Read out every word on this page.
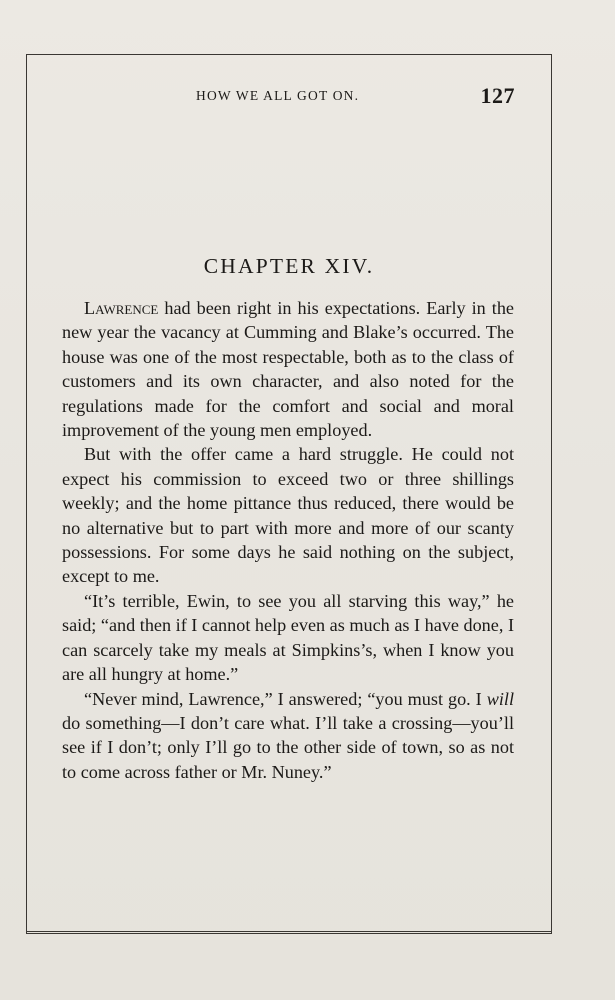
HOW WE ALL GOT ON.	127
CHAPTER XIV.

Lawrence had been right in his expectations. Early in the new year the vacancy at Cumming and Blake’s occurred. The house was one of the most respectable, both as to the class of customers and its own character, and also noted for the regulations made for the comfort and social and moral improvement of the young men employed.

But with the offer came a hard struggle. He could not expect his commission to exceed two or three shillings weekly; and the home pittance thus reduced, there would be no alternative but to part with more and more of our scanty possessions. For some days he said nothing on the subject, except to me.

“It’s terrible, Ewin, to see you all starving this way,” he said; “and then if I cannot help even as much as I have done, I can scarcely take my meals at Simpkins’s, when I know you are all hungry at home.”

“Never mind, Lawrence,” I answered; “you must go. I will do something—I don’t care what. I’ll take a crossing—you’ll see if I don’t; only I’ll go to the other side of town, so as not to come across father or Mr. Nuney.”
